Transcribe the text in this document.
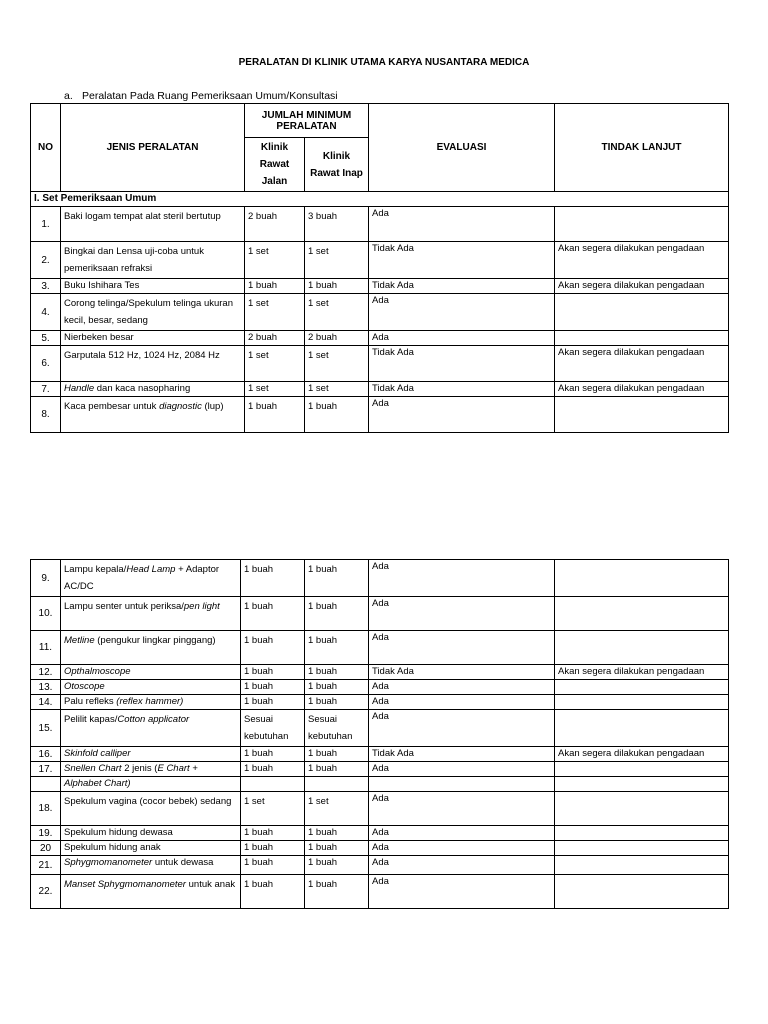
PERALATAN DI KLINIK UTAMA KARYA NUSANTARA MEDICA
a. Peralatan Pada Ruang Pemeriksaan Umum/Konsultasi
NO	JENIS PERALATAN	JUMLAH MINIMUM PERALATAN		EVALUASI	TINDAK LANJUT
		Klinik Rawat Jalan	Klinik Rawat Inap		
I. Set Pemeriksaan Umum					
1.	Baki logam tempat alat steril bertutup	2 buah	3 buah	Ada	
2.	Bingkai dan Lensa uji-coba untuk pemeriksaan refraksi	1 set	1 set	Tidak Ada	Akan segera dilakukan pengadaan
3.	Buku Ishihara Tes	1 buah	1 buah	Tidak Ada	Akan segera dilakukan pengadaan
4.	Corong telinga/Spekulum telinga ukuran kecil, besar, sedang	1 set	1 set	Ada	
5.	Nierbeken besar	2 buah	2 buah	Ada	
6.	Garputala 512 Hz, 1024 Hz, 2084 Hz	1 set	1 set	Tidak Ada	Akan segera dilakukan pengadaan
7.	Handle dan kaca nasopharing	1 set	1 set	Tidak Ada	Akan segera dilakukan pengadaan
8.	Kaca pembesar untuk diagnostic (lup)	1 buah	1 buah	Ada	
9.	Lampu kepala/Head Lamp + Adaptor AC/DC	1 buah	1 buah	Ada	
10.	Lampu senter untuk periksa/pen light	1 buah	1 buah	Ada	
11.	Metline (pengukur lingkar pinggang)	1 buah	1 buah	Ada	
12.	Opthalmoscope	1 buah	1 buah	Tidak Ada	Akan segera dilakukan pengadaan
13.	Otoscope	1 buah	1 buah	Ada	
14.	Palu refleks (reflex hammer)	1 buah	1 buah	Ada	
15.	Pelilit kapas/Cotton applicator	Sesuai kebutuhan	Sesuai kebutuhan	Ada	
16.	Skinfold calliper	1 buah	1 buah	Tidak Ada	Akan segera dilakukan pengadaan
17.	Snellen Chart 2 jenis (E Chart +	1 buah	1 buah	Ada	
	Alphabet Chart)				
18.	Spekulum vagina (cocor bebek) sedang	1 set	1 set	Ada	
19.	Spekulum hidung dewasa	1 buah	1 buah	Ada	
20	Spekulum hidung anak	1 buah	1 buah	Ada	
21.	Sphygmomanometer untuk dewasa	1 buah	1 buah	Ada	
22.	Manset Sphygmomanometer untuk anak	1 buah	1 buah	Ada	
